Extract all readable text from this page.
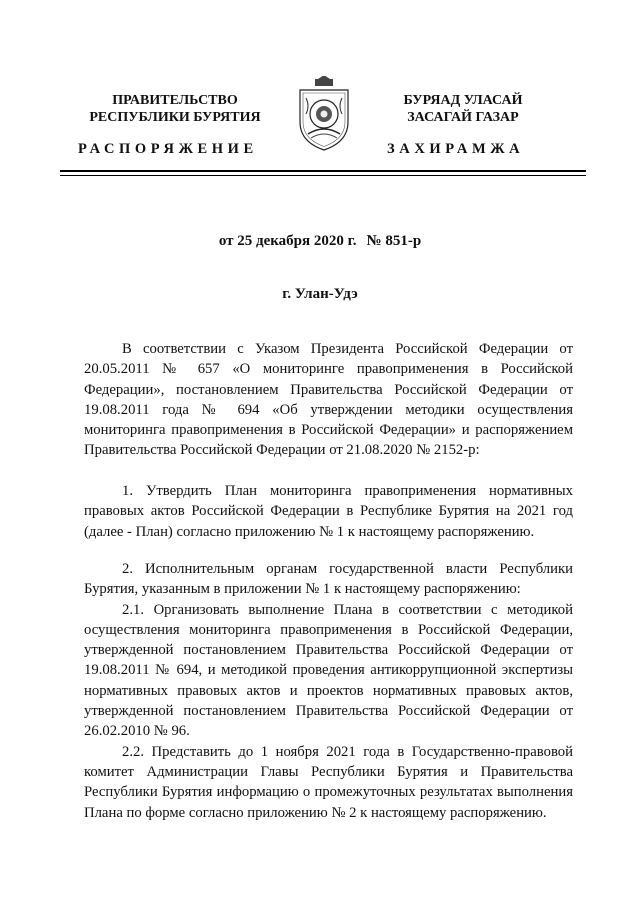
ПРАВИТЕЛЬСТВО
РЕСПУБЛИКИ БУРЯТИЯ
БУРЯАД УЛАСАЙ
ЗАСАГАЙ ГАЗАР
РАСПОРЯЖЕНИЕ	ЗАХИРАМЖА
от 25 декабря 2020 г. № 851-р
г. Улан-Удэ

В соответствии с Указом Президента Российской Федерации от 20.05.2011 № 657 «О мониторинге правоприменения в Российской Федерации», постановлением Правительства Российской Федерации от 19.08.2011 года № 694 «Об утверждении методики осуществления мониторинга правоприменения в Российской Федерации» и распоряжением Правительства Российской Федерации от 21.08.2020 № 2152-р:

1. Утвердить План мониторинга правоприменения нормативных правовых актов Российской Федерации в Республике Бурятия на 2021 год (далее - План) согласно приложению № 1 к настоящему распоряжению.

2. Исполнительным органам государственной власти Республики Бурятия, указанным в приложении № 1 к настоящему распоряжению:

2.1. Организовать выполнение Плана в соответствии с методикой осуществления мониторинга правоприменения в Российской Федерации, утвержденной постановлением Правительства Российской Федерации от 19.08.2011 № 694, и методикой проведения антикоррупционной экспертизы нормативных правовых актов и проектов нормативных правовых актов, утвержденной постановлением Правительства Российской Федерации от 26.02.2010 № 96.

2.2. Представить до 1 ноября 2021 года в Государственно-правовой комитет Администрации Главы Республики Бурятия и Правительства Республики Бурятия информацию о промежуточных результатах выполнения Плана по форме согласно приложению № 2 к настоящему распоряжению.
